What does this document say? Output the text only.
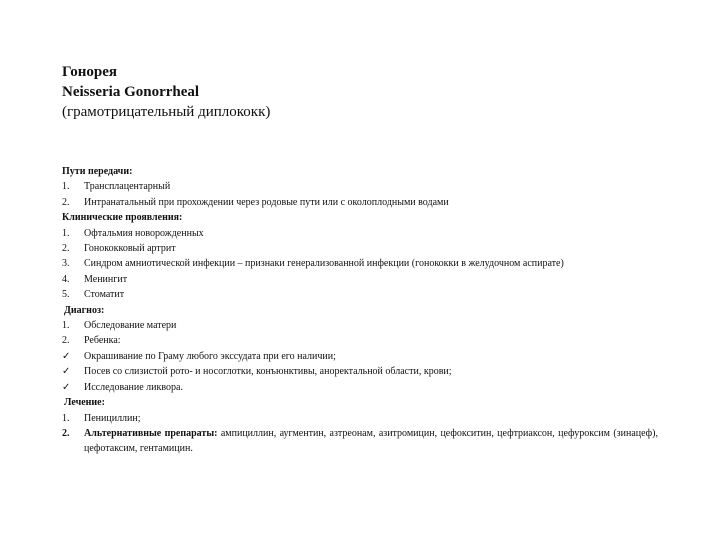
Гонорея
Neisseria Gonorrheal
(грамотрицательный диплококк)
Пути передачи:
1.	Трансплацентарный
2.	Интранатальный при прохождении через родовые пути или с околоплодными водами
Клинические проявления:
1.	Офтальмия новорожденных
2.	Гонококковый артрит
3.	Синдром амниотической инфекции – признаки генерализованной инфекции (гонококки в желудочном аспирате)
4.	Менингит
5.	Стоматит
Диагноз:
1.	Обследование матери
2.	Ребенка:
✓	Окрашивание по Граму любого экссудата при его наличии;
✓	Посев со слизистой рото- и носоглотки, конъюнктивы, аноректальной области, крови;
✓	Исследование ликвора.
Лечение:
1.	Пенициллин;
2.	Альтернативные препараты: ампициллин, аугментин, азтреонам, азитромицин, цефокситин, цефтриаксон, цефуроксим (зинацеф), цефотаксим, гентамицин.
